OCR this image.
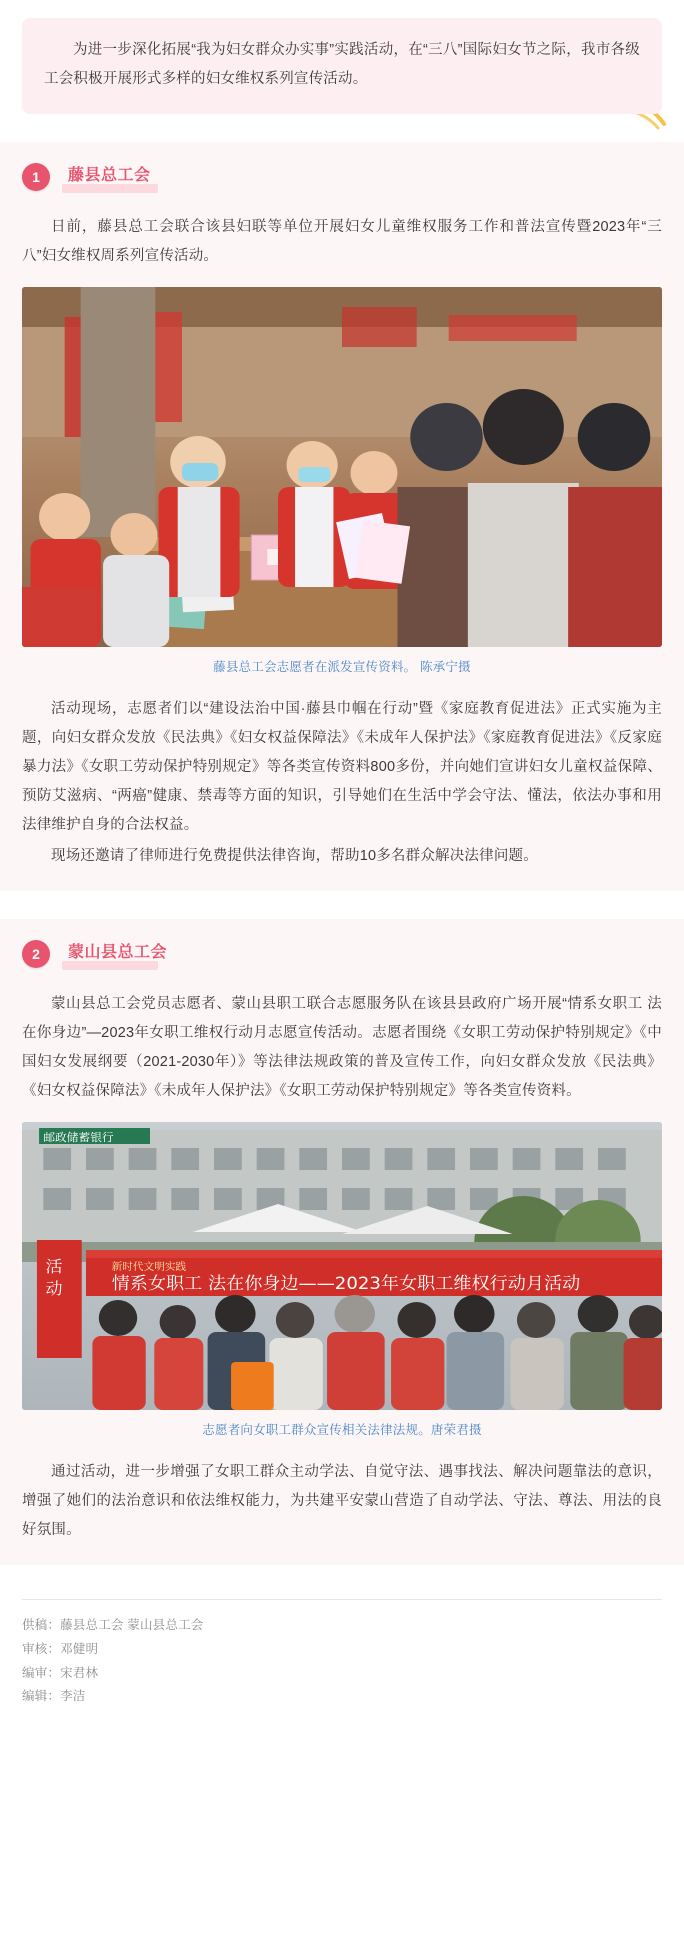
为进一步深化拓展“我为妇女群众办实事”实践活动，在“三八”国际妇女节之际，我市各级工会积极开展形式多样的妇女维权系列宣传活动。

1	藤县总工会

日前，藤县总工会联合该县妇联等单位开展妇女儿童维权服务工作和普法宣传暨2023年“三八”妇女维权周系列宣传活动。

藤县总工会志愿者在派发宣传资料。 陈承宁摄

活动现场，志愿者们以“建设法治中国·藤县巾帼在行动”暨《家庭教育促进法》正式实施为主题，向妇女群众发放《民法典》《妇女权益保障法》《未成年人保护法》《家庭教育促进法》《反家庭暴力法》《女职工劳动保护特别规定》等各类宣传资料800多份，并向她们宣讲妇女儿童权益保障、预防艾滋病、“两癌”健康、禁毒等方面的知识，引导她们在生活中学会守法、懂法，依法办事和用法律维护自身的合法权益。

现场还邀请了律师进行免费提供法律咨询，帮助10多名群众解决法律问题。

2	蒙山县总工会

蒙山县总工会党员志愿者、蒙山县职工联合志愿服务队在该县县政府广场开展“情系女职工 法在你身边”—2023年女职工维权行动月志愿宣传活动。志愿者围绕《女职工劳动保护特别规定》《中国妇女发展纲要（2021-2030年）》等法律法规政策的普及宣传工作，向妇女群众发放《民法典》《妇女权益保障法》《未成年人保护法》《女职工劳动保护特别规定》等各类宣传资料。

邮政储蓄银行
新时代文明实践
情系女职工 法在你身边——2023年女职工维权行动月活动
活
动
志愿者向女职工群众宣传相关法律法规。唐荣君摄

通过活动，进一步增强了女职工群众主动学法、自觉守法、遇事找法、解决问题靠法的意识，增强了她们的法治意识和依法维权能力，为共建平安蒙山营造了自动学法、守法、尊法、用法的良好氛围。

供稿：藤县总工会 蒙山县总工会
审核：邓健明
编审：宋君林
编辑：李洁
